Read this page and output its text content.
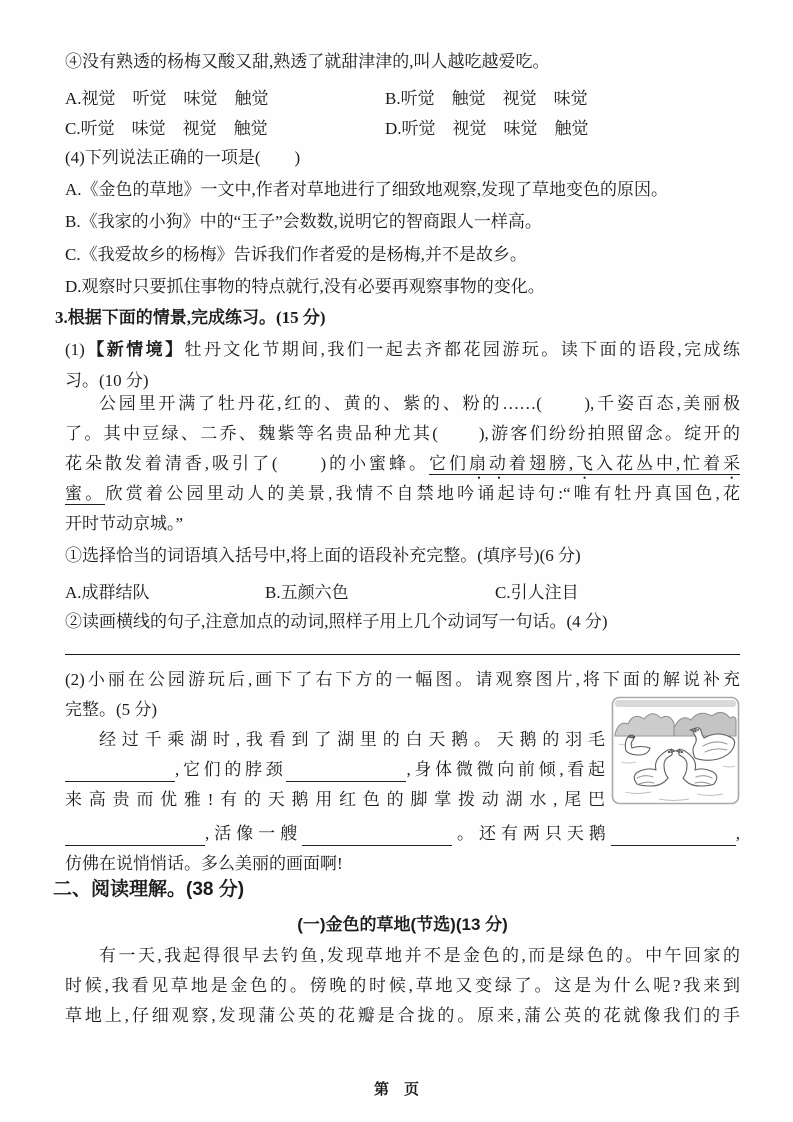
④没有熟透的杨梅又酸又甜,熟透了就甜津津的,叫人越吃越爱吃。
A.视觉　听觉　味觉　触觉	B.听觉　触觉　视觉　味觉
C.听觉　味觉　视觉　触觉	D.听觉　视觉　味觉　触觉
(4)下列说法正确的一项是(　　)
A.《金色的草地》一文中,作者对草地进行了细致地观察,发现了草地变色的原因。
B.《我家的小狗》中的“王子”会数数,说明它的智商跟人一样高。
C.《我爱故乡的杨梅》告诉我们作者爱的是杨梅,并不是故乡。
D.观察时只要抓住事物的特点就行,没有必要再观察事物的变化。
3.根据下面的情景,完成练习。(15 分)
(1)【新情境】牡丹文化节期间,我们一起去齐都花园游玩。读下面的语段,完成练
习。(10 分)
公园里开满了牡丹花,红的、黄的、紫的、粉的……(　　),千姿百态,美丽极
了。其中豆绿、二乔、魏紫等名贵品种尤其(　　),游客们纷纷拍照留念。绽开的
花朵散发着清香,吸引了(　　)的小蜜蜂。它们扇动着翅膀,飞入花丛中,忙着采
蜜。欣赏着公园里动人的美景,我情不自禁地吟诵起诗句:“唯有牡丹真国色,花
开时节动京城。”
①选择恰当的词语填入括号中,将上面的语段补充完整。(填序号)(6 分)
A.成群结队	B.五颜六色	C.引人注目
②读画横线的句子,注意加点的动词,照样子用上几个动词写一句话。(4 分)
(2)小丽在公园游玩后,画下了右下方的一幅图。请观察图片,将下面的解说补充
完整。(5 分)
经过千乘湖时,我看到了湖里的白天鹅。天鹅的羽毛
,它们的脖颈	,身体微微向前倾,看起
来高贵而优雅!有的天鹅用红色的脚掌拨动湖水,尾巴
,活像一艘	。还有两只天鹅	,
仿佛在说悄悄话。多么美丽的画面啊!
二、阅读理解。(38 分)
(一)金色的草地(节选)(13 分)
有一天,我起得很早去钓鱼,发现草地并不是金色的,而是绿色的。中午回家的
时候,我看见草地是金色的。傍晚的时候,草地又变绿了。这是为什么呢?我来到
草地上,仔细观察,发现蒲公英的花瓣是合拢的。原来,蒲公英的花就像我们的手
第　页
